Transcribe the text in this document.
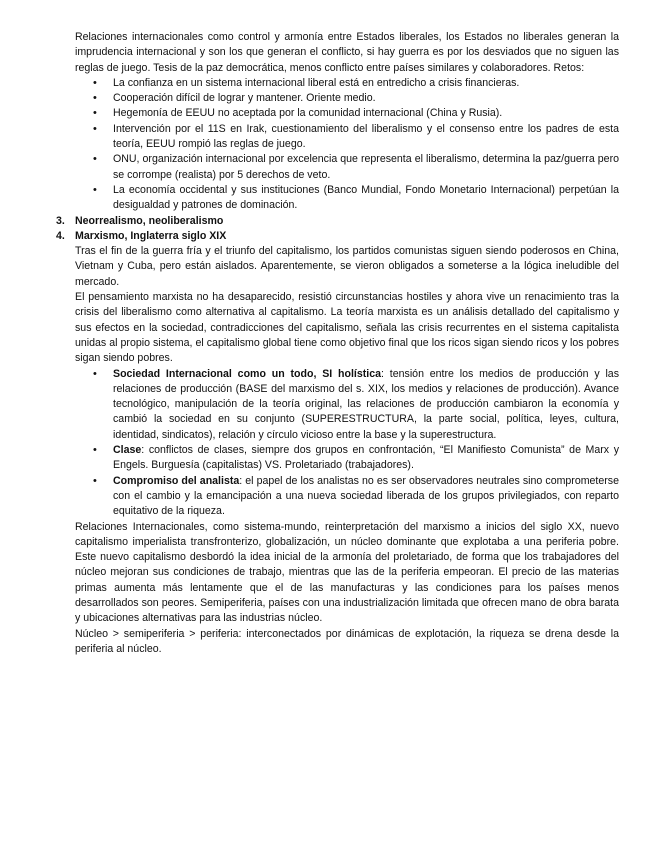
Relaciones internacionales como control y armonía entre Estados liberales, los Estados no liberales generan la imprudencia internacional y son los que generan el conflicto, si hay guerra es por los desviados que no siguen las reglas de juego. Tesis de la paz democrática, menos conflicto entre países similares y colaboradores. Retos:

• La confianza en un sistema internacional liberal está en entredicho a crisis financieras.
• Cooperación difícil de lograr y mantener. Oriente medio.
• Hegemonía de EEUU no aceptada por la comunidad internacional (China y Rusia).
• Intervención por el 11S en Irak, cuestionamiento del liberalismo y el consenso entre los padres de esta teoría, EEUU rompió las reglas de juego.
• ONU, organización internacional por excelencia que representa el liberalismo, determina la paz/guerra pero se corrompe (realista) por 5 derechos de veto.
• La economía occidental y sus instituciones (Banco Mundial, Fondo Monetario Internacional) perpetúan la desigualdad y patrones de dominación.
3. Neorrealismo, neoliberalismo
4. Marxismo, Inglaterra siglo XIX

Tras el fin de la guerra fría y el triunfo del capitalismo, los partidos comunistas siguen siendo poderosos en China, Vietnam y Cuba, pero están aislados. Aparentemente, se vieron obligados a someterse a la lógica ineludible del mercado.

El pensamiento marxista no ha desaparecido, resistió circunstancias hostiles y ahora vive un renacimiento tras la crisis del liberalismo como alternativa al capitalismo. La teoría marxista es un análisis detallado del capitalismo y sus efectos en la sociedad, contradicciones del capitalismo, señala las crisis recurrentes en el sistema capitalista unidas al propio sistema, el capitalismo global tiene como objetivo final que los ricos sigan siendo ricos y los pobres sigan siendo pobres.

• Sociedad Internacional como un todo, SI holística: tensión entre los medios de producción y las relaciones de producción (BASE del marxismo del s. XIX, los medios y relaciones de producción). Avance tecnológico, manipulación de la teoría original, las relaciones de producción cambiaron la economía y cambió la sociedad en su conjunto (SUPERESTRUCTURA, la parte social, política, leyes, cultura, identidad, sindicatos), relación y círculo vicioso entre la base y la superestructura.
• Clase: conflictos de clases, siempre dos grupos en confrontación, “El Manifiesto Comunista” de Marx y Engels. Burguesía (capitalistas) VS. Proletariado (trabajadores).
• Compromiso del analista: el papel de los analistas no es ser observadores neutrales sino comprometerse con el cambio y la emancipación a una nueva sociedad liberada de los grupos privilegiados, con reparto equitativo de la riqueza.

Relaciones Internacionales, como sistema-mundo, reinterpretación del marxismo a inicios del siglo XX, nuevo capitalismo imperialista transfronterizo, globalización, un núcleo dominante que explotaba a una periferia pobre. Este nuevo capitalismo desbordó la idea inicial de la armonía del proletariado, de forma que los trabajadores del núcleo mejoran sus condiciones de trabajo, mientras que las de la periferia empeoran. El precio de las materias primas aumenta más lentamente que el de las manufacturas y las condiciones para los países menos desarrollados son peores. Semiperiferia, países con una industrialización limitada que ofrecen mano de obra barata y ubicaciones alternativas para las industrias núcleo.

Núcleo > semiperiferia > periferia: interconectados por dinámicas de explotación, la riqueza se drena desde la periferia al núcleo.
